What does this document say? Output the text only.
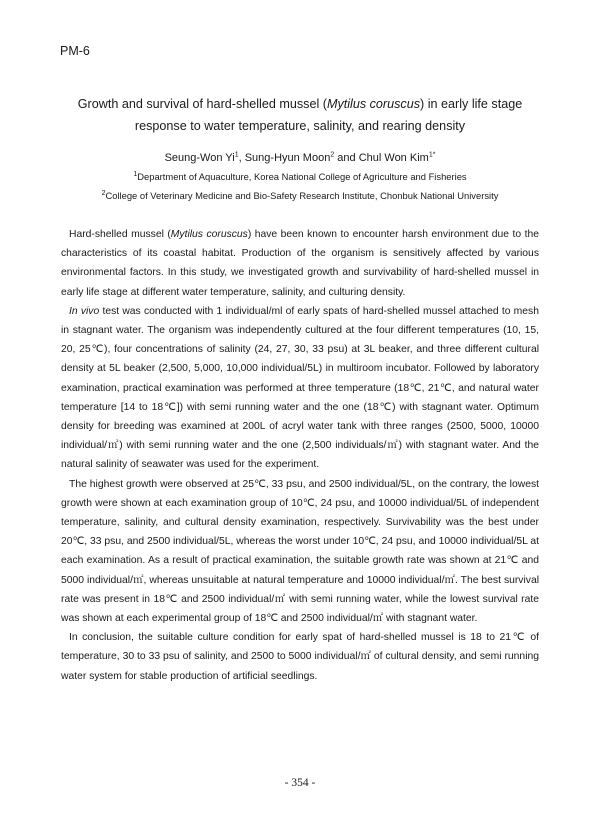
PM-6
Growth and survival of hard-shelled mussel (Mytilus coruscus) in early life stage
response to water temperature, salinity, and rearing density
Seung-Won Yi$^1$, Sung-Hyun Moon$^2$ and Chul Won Kim$^{1*}$
$^1$Department of Aquaculture, Korea National College of Agriculture and Fisheries
$^2$College of Veterinary Medicine and Bio-Safety Research Institute, Chonbuk National University

Hard-shelled mussel (Mytilus coruscus) have been known to encounter harsh environment due to the characteristics of its coastal habitat. Production of the organism is sensitively affected by various environmental factors. In this study, we investigated growth and survivability of hard-shelled mussel in early life stage at different water temperature, salinity, and culturing density.

In vivo test was conducted with 1 individual/ml of early spats of hard-shelled mussel attached to mesh in stagnant water. The organism was independently cultured at the four different temperatures (10, 15, 20, 25℃), four concentrations of salinity (24, 27, 30, 33 psu) at 3L beaker, and three different cultural density at 5L beaker (2,500, 5,000, 10,000 individual/5L) in multiroom incubator. Followed by laboratory examination, practical examination was performed at three temperature (18℃, 21℃, and natural water temperature [14 to 18℃]) with semi running water and the one (18℃) with stagnant water. Optimum density for breeding was examined at 200L of acryl water tank with three ranges (2500, 5000, 10000 individual/㎡) with semi running water and the one (2,500 individuals/㎡) with stagnant water. And the natural salinity of seawater was used for the experiment.

The highest growth were observed at 25℃, 33 psu, and 2500 individual/5L, on the contrary, the lowest growth were shown at each examination group of 10℃, 24 psu, and 10000 individual/5L of independent temperature, salinity, and cultural density examination, respectively. Survivability was the best under 20℃, 33 psu, and 2500 individual/5L, whereas the worst under 10℃, 24 psu, and 10000 individual/5L at each examination. As a result of practical examination, the suitable growth rate was shown at 21℃ and 5000 individual/㎡, whereas unsuitable at natural temperature and 10000 individual/㎡. The best survival rate was present in 18℃ and 2500 individual/㎡ with semi running water, while the lowest survival rate was shown at each experimental group of 18℃ and 2500 individual/㎡ with stagnant water.

In conclusion, the suitable culture condition for early spat of hard-shelled mussel is 18 to 21℃ of temperature, 30 to 33 psu of salinity, and 2500 to 5000 individual/㎡ of cultural density, and semi running water system for stable production of artificial seedlings.

- 354 -
